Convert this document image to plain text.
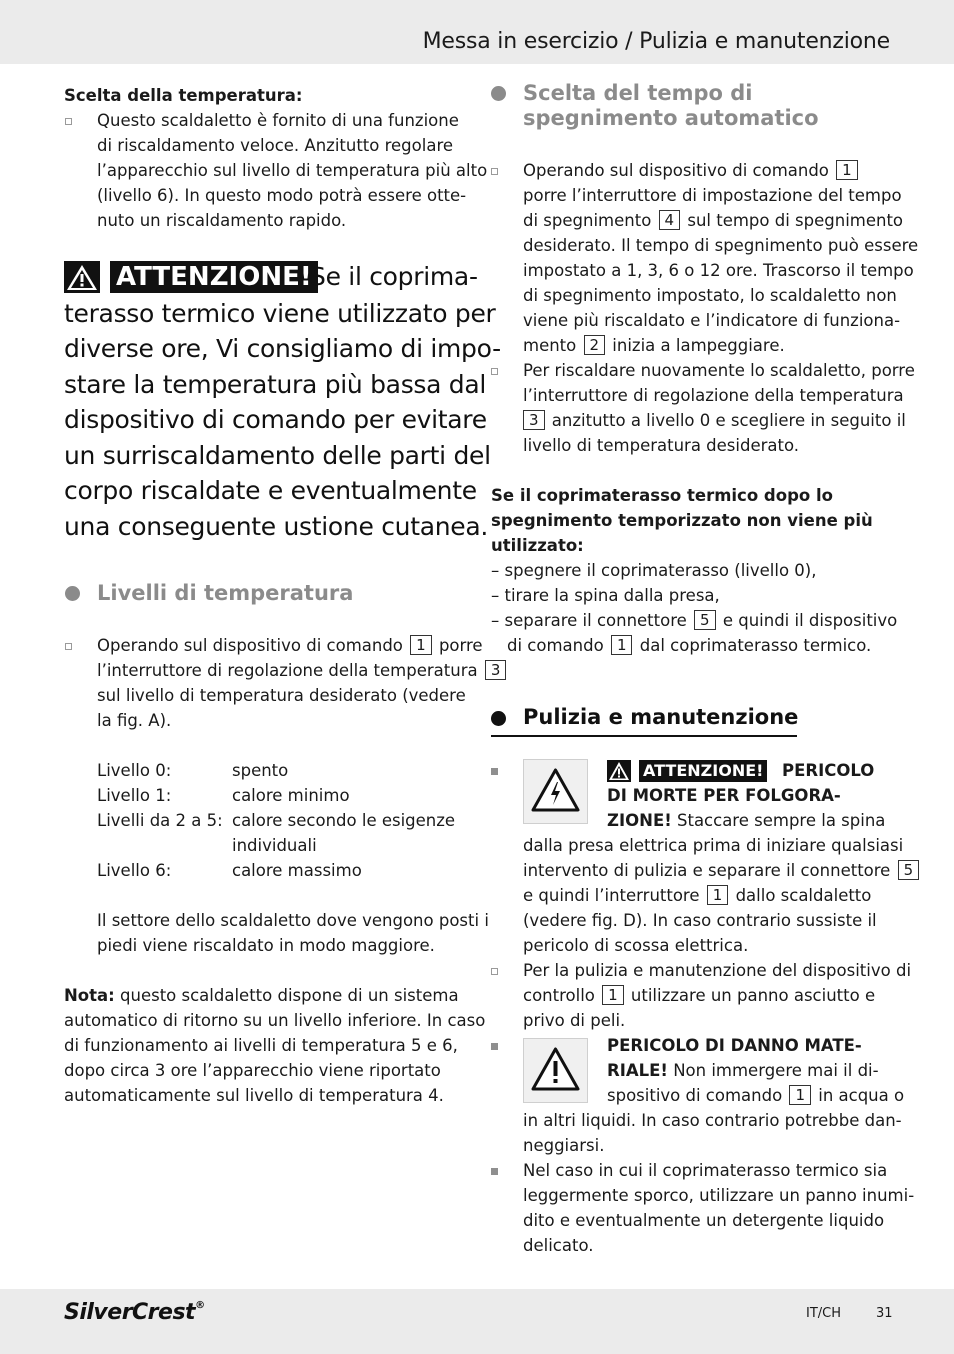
Messa in esercizio / Pulizia e manutenzione
Scelta della temperatura:
Questo scaldaletto è fornito di una funzione
di riscaldamento veloce. Anzitutto regolare
l’apparecchio sul livello di temperatura più alto
(livello 6). In questo modo potrà essere otte-
nuto un riscaldamento rapido.
ATTENZIONE!
Se il coprima-
terasso termico viene utilizzato per
diverse ore, Vi consigliamo di impo-
stare la temperatura più bassa dal
dispositivo di comando per evitare
un surriscaldamento delle parti del
corpo riscaldate e eventualmente
una conseguente ustione cutanea.
Livelli di temperatura
Operando sul dispositivo di comando 1 porre
l’interruttore di regolazione della temperatura 3
sul livello di temperatura desiderato (vedere
la fig. A).
Livello 0:	spento
Livello 1:	calore minimo
Livelli da 2 a 5: calore secondo le esigenze
individuali
Livello 6:	calore massimo
Il settore dello scaldaletto dove vengono posti i
piedi viene riscaldato in modo maggiore.
Nota: questo scaldaletto dispone di un sistema
automatico di ritorno su un livello inferiore. In caso
di funzionamento ai livelli di temperatura 5 e 6,
dopo circa 3 ore l’apparecchio viene riportato
automaticamente sul livello di temperatura 4.
Scelta del tempo di
spegnimento automatico
Operando sul dispositivo di comando 1
porre l’interruttore di impostazione del tempo
di spegnimento 4 sul tempo di spegnimento
desiderato. Il tempo di spegnimento può essere
impostato a 1, 3, 6 o 12 ore. Trascorso il tempo
di spegnimento impostato, lo scaldaletto non
viene più riscaldato e l’indicatore di funziona-
mento 2 inizia a lampeggiare.
Per riscaldare nuovamente lo scaldaletto, porre
l’interruttore di regolazione della temperatura
3 anzitutto a livello 0 e scegliere in seguito il
livello di temperatura desiderato.
Se il coprimaterasso termico dopo lo
spegnimento temporizzato non viene più
utilizzato:
– spegnere il coprimaterasso (livello 0),
– tirare la spina dalla presa,
– separare il connettore 5 e quindi il dispositivo
di comando 1 dal coprimaterasso termico.
Pulizia e manutenzione
ATTENZIONE! PERICOLO
DI MORTE PER FOLGORA-
ZIONE! Staccare sempre la spina
dalla presa elettrica prima di iniziare qualsiasi
intervento di pulizia e separare il connettore 5
e quindi l’interruttore 1 dallo scaldaletto
(vedere fig. D). In caso contrario sussiste il
pericolo di scossa elettrica.
Per la pulizia e manutenzione del dispositivo di
controllo 1 utilizzare un panno asciutto e
privo di peli.
PERICOLO DI DANNO MATE-
RIALE! Non immergere mai il di-
spositivo di comando 1 in acqua o
in altri liquidi. In caso contrario potrebbe dan-
neggiarsi.
Nel caso in cui il coprimaterasso termico sia
leggermente sporco, utilizzare un panno inumi-
dito e eventualmente un detergente liquido
delicato.
SilverCrest®
IT/CH	31
